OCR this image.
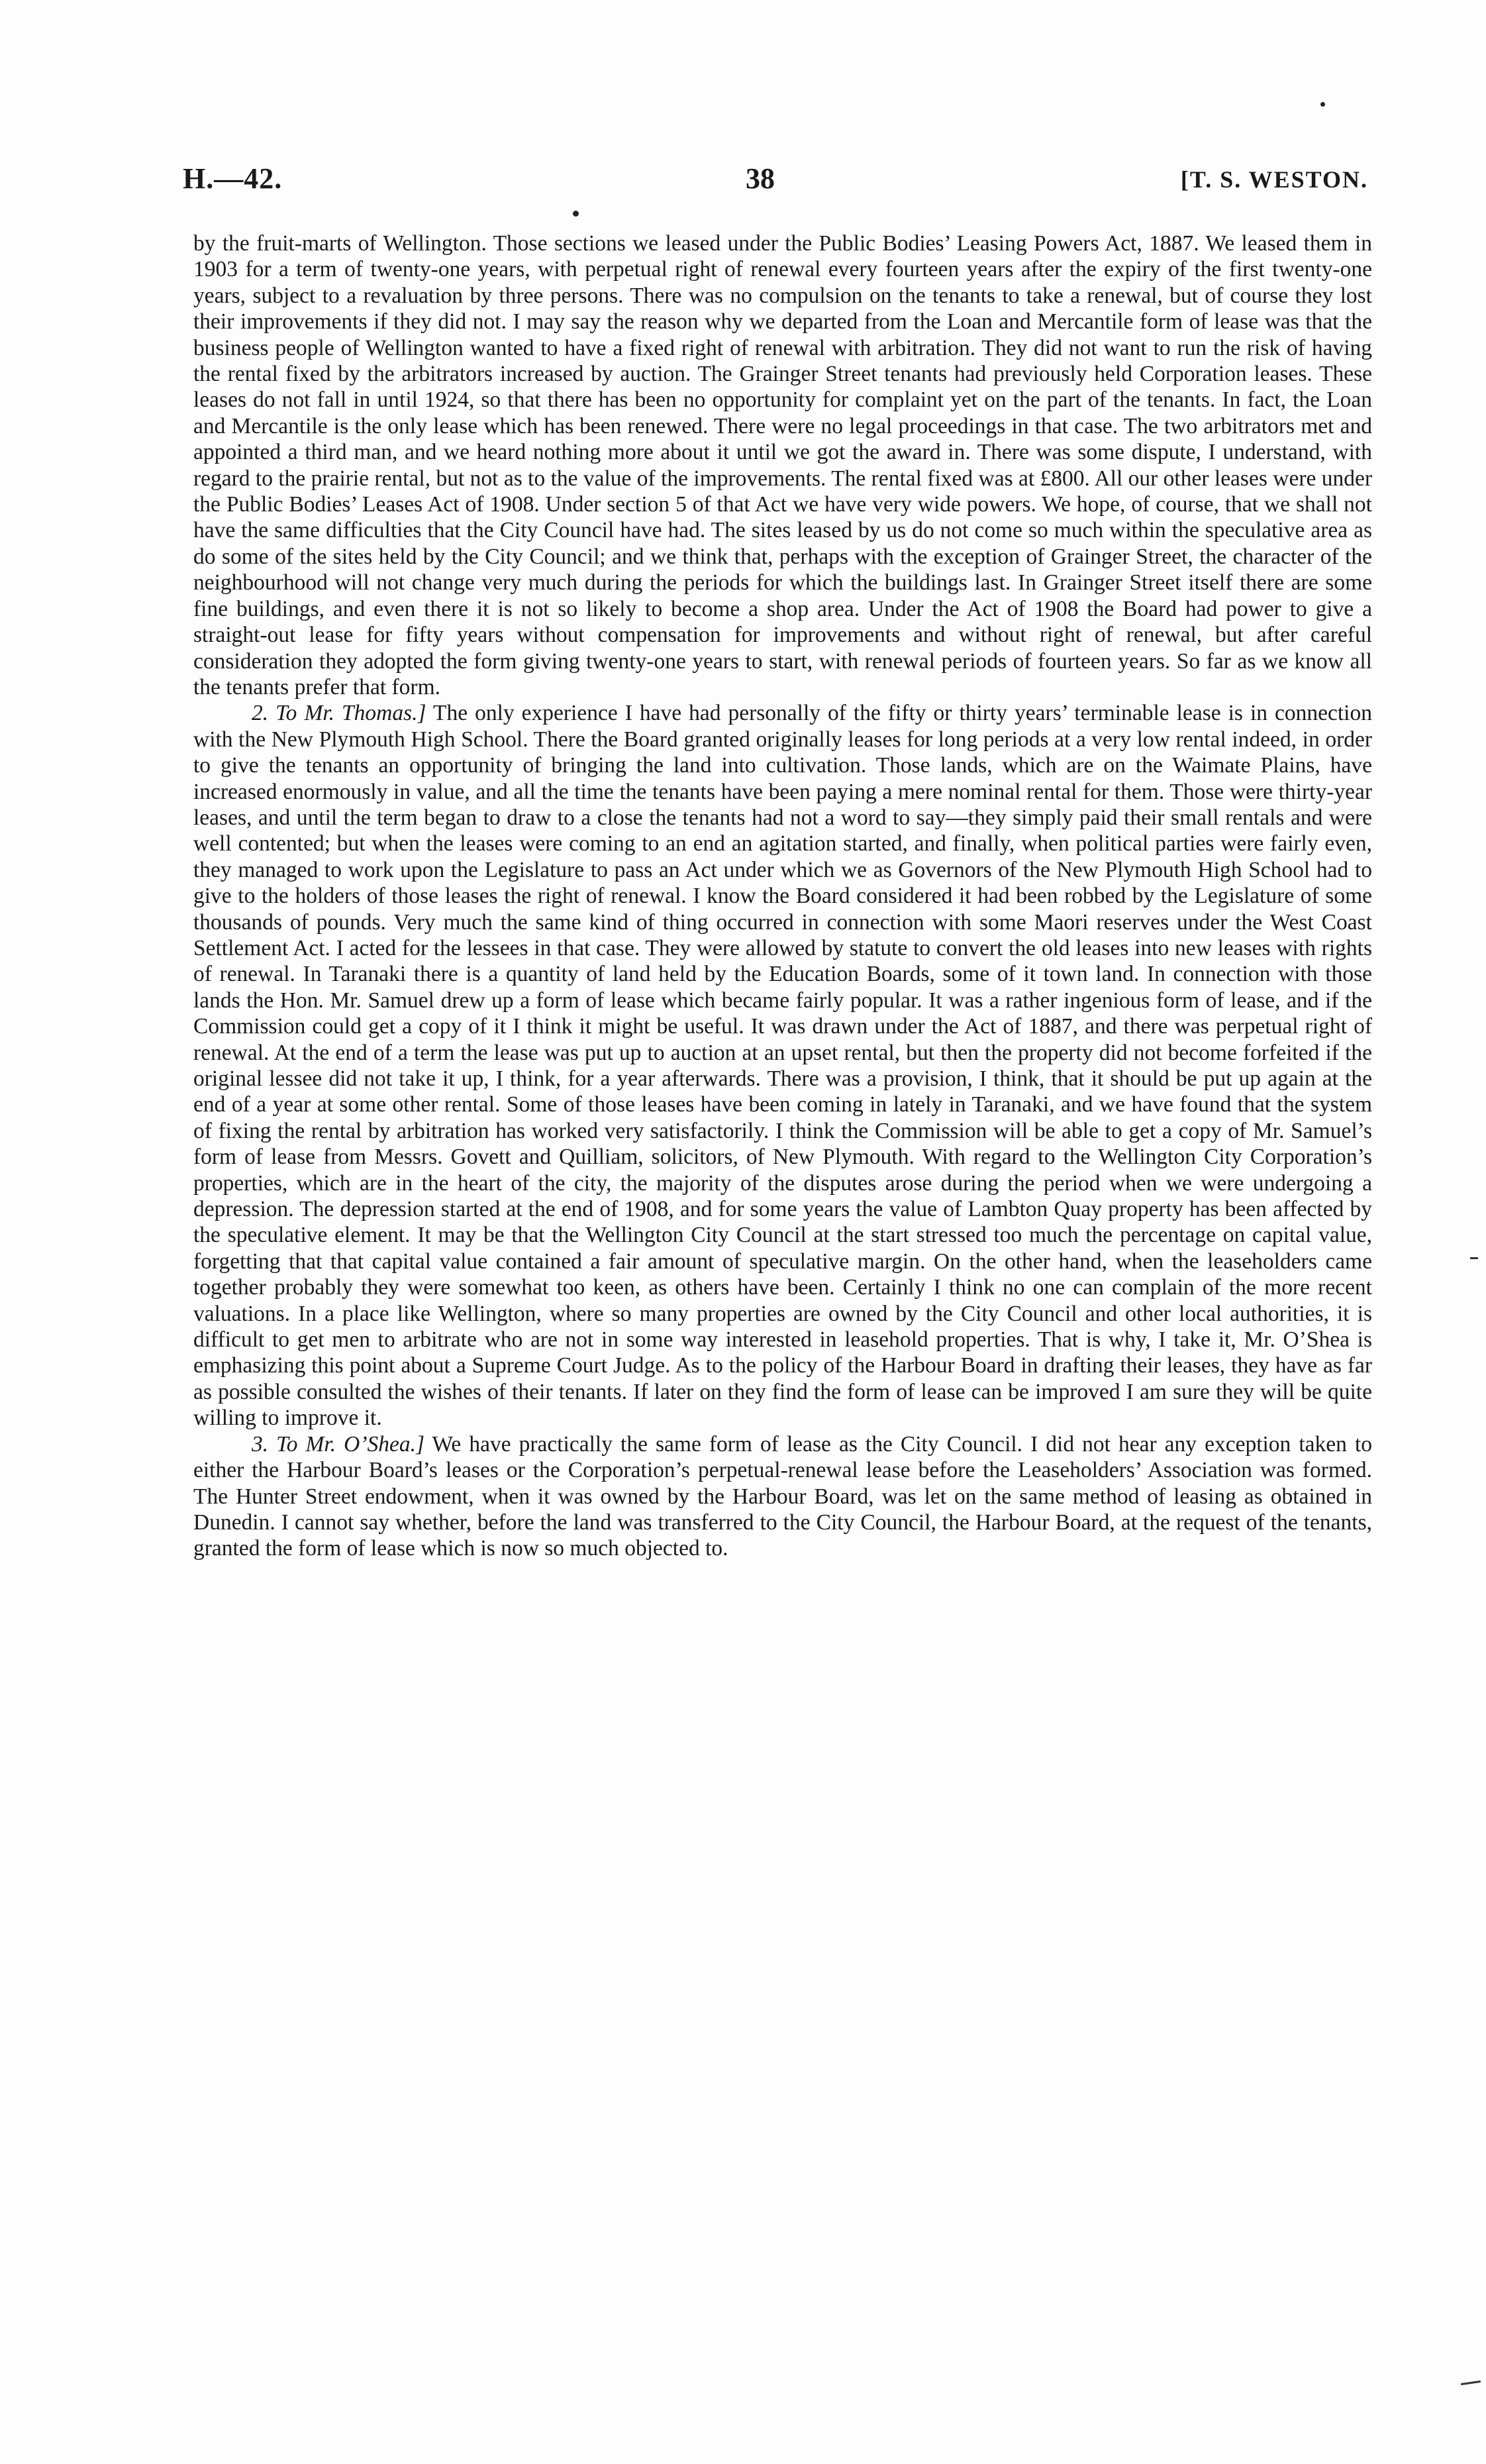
H.—42.	38	[T. S. WESTON.

by the fruit-marts of Wellington. Those sections we leased under the Public Bodies’ Leasing Powers Act, 1887. We leased them in 1903 for a term of twenty-one years, with perpetual right of renewal every fourteen years after the expiry of the first twenty-one years, subject to a revaluation by three persons. There was no compulsion on the tenants to take a renewal, but of course they lost their improvements if they did not. I may say the reason why we departed from the Loan and Mercantile form of lease was that the business people of Wellington wanted to have a fixed right of renewal with arbitration. They did not want to run the risk of having the rental fixed by the arbitrators increased by auction. The Grainger Street tenants had previously held Corporation leases. These leases do not fall in until 1924, so that there has been no opportunity for complaint yet on the part of the tenants. In fact, the Loan and Mercantile is the only lease which has been renewed. There were no legal proceedings in that case. The two arbitrators met and appointed a third man, and we heard nothing more about it until we got the award in. There was some dispute, I understand, with regard to the prairie rental, but not as to the value of the improvements. The rental fixed was at £800. All our other leases were under the Public Bodies’ Leases Act of 1908. Under section 5 of that Act we have very wide powers. We hope, of course, that we shall not have the same difficulties that the City Council have had. The sites leased by us do not come so much within the speculative area as do some of the sites held by the City Council; and we think that, perhaps with the exception of Grainger Street, the character of the neighbourhood will not change very much during the periods for which the buildings last. In Grainger Street itself there are some fine buildings, and even there it is not so likely to become a shop area. Under the Act of 1908 the Board had power to give a straight-out lease for fifty years without compensation for improvements and without right of renewal, but after careful consideration they adopted the form giving twenty-one years to start, with renewal periods of fourteen years. So far as we know all the tenants prefer that form.

2. To Mr. Thomas.] The only experience I have had personally of the fifty or thirty years’ terminable lease is in connection with the New Plymouth High School. There the Board granted originally leases for long periods at a very low rental indeed, in order to give the tenants an opportunity of bringing the land into cultivation. Those lands, which are on the Waimate Plains, have increased enormously in value, and all the time the tenants have been paying a mere nominal rental for them. Those were thirty-year leases, and until the term began to draw to a close the tenants had not a word to say—they simply paid their small rentals and were well contented; but when the leases were coming to an end an agitation started, and finally, when political parties were fairly even, they managed to work upon the Legislature to pass an Act under which we as Governors of the New Plymouth High School had to give to the holders of those leases the right of renewal. I know the Board considered it had been robbed by the Legislature of some thousands of pounds. Very much the same kind of thing occurred in connection with some Maori reserves under the West Coast Settlement Act. I acted for the lessees in that case. They were allowed by statute to convert the old leases into new leases with rights of renewal. In Taranaki there is a quantity of land held by the Education Boards, some of it town land. In connection with those lands the Hon. Mr. Samuel drew up a form of lease which became fairly popular. It was a rather ingenious form of lease, and if the Commission could get a copy of it I think it might be useful. It was drawn under the Act of 1887, and there was perpetual right of renewal. At the end of a term the lease was put up to auction at an upset rental, but then the property did not become forfeited if the original lessee did not take it up, I think, for a year afterwards. There was a provision, I think, that it should be put up again at the end of a year at some other rental. Some of those leases have been coming in lately in Taranaki, and we have found that the system of fixing the rental by arbitration has worked very satisfactorily. I think the Commission will be able to get a copy of Mr. Samuel’s form of lease from Messrs. Govett and Quilliam, solicitors, of New Plymouth. With regard to the Wellington City Corporation’s properties, which are in the heart of the city, the majority of the disputes arose during the period when we were undergoing a depression. The depression started at the end of 1908, and for some years the value of Lambton Quay property has been affected by the speculative element. It may be that the Wellington City Council at the start stressed too much the percentage on capital value, forgetting that that capital value contained a fair amount of speculative margin. On the other hand, when the leaseholders came together probably they were somewhat too keen, as others have been. Certainly I think no one can complain of the more recent valuations. In a place like Wellington, where so many properties are owned by the City Council and other local authorities, it is difficult to get men to arbitrate who are not in some way interested in leasehold properties. That is why, I take it, Mr. O’Shea is emphasizing this point about a Supreme Court Judge. As to the policy of the Harbour Board in drafting their leases, they have as far as possible consulted the wishes of their tenants. If later on they find the form of lease can be improved I am sure they will be quite willing to improve it.

3. To Mr. O’Shea.] We have practically the same form of lease as the City Council. I did not hear any exception taken to either the Harbour Board’s leases or the Corporation’s perpetual-renewal lease before the Leaseholders’ Association was formed. The Hunter Street endowment, when it was owned by the Harbour Board, was let on the same method of leasing as obtained in Dunedin. I cannot say whether, before the land was transferred to the City Council, the Harbour Board, at the request of the tenants, granted the form of lease which is now so much objected to.
